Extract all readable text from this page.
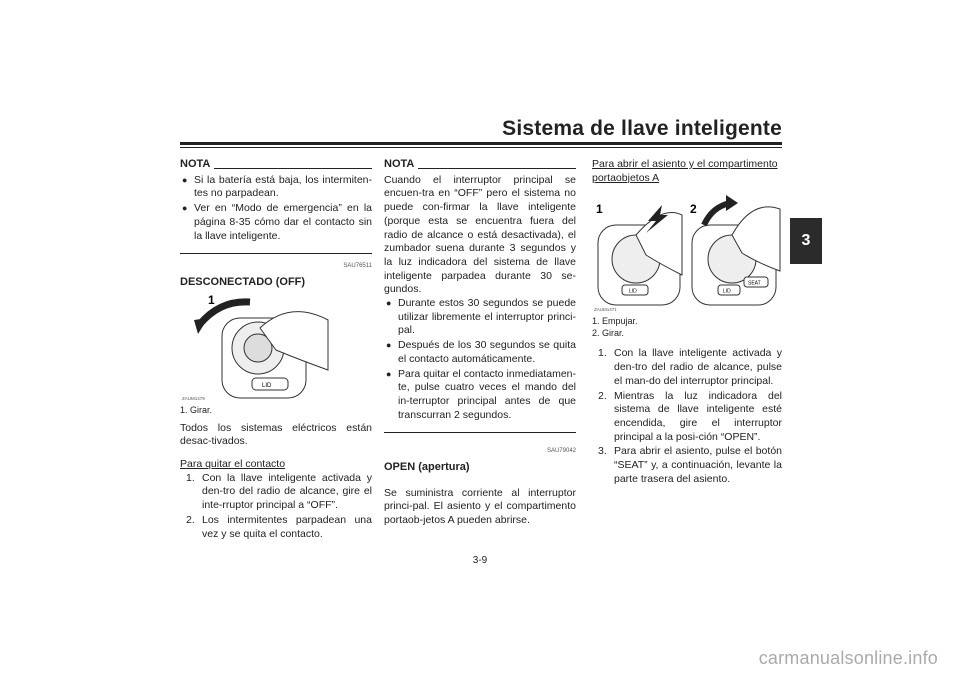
Sistema de llave inteligente
3
NOTA
● Si la batería está baja, los intermiten-tes no parpadean.
● Ver en “Modo de emergencia” en la página 8-35 cómo dar el contacto sin la llave inteligente.
SAU76511
DESCONECTADO (OFF)
1
LID
ZAUM1479
1. Girar.

Todos los sistemas eléctricos están desac-tivados.

Para quitar el contacto
1. Con la llave inteligente activada y den-tro del radio de alcance, gire el inte-rruptor principal a “OFF”.
2. Los intermitentes parpadean una vez y se quita el contacto.
NOTA

Cuando el interruptor principal se encuen-tra en “OFF” pero el sistema no puede con-firmar la llave inteligente (porque esta se encuentra fuera del radio de alcance o está desactivada), el zumbador suena durante 3 segundos y la luz indicadora del sistema de llave inteligente parpadea durante 30 se-gundos.

● Durante estos 30 segundos se puede utilizar libremente el interruptor princi-pal.
● Después de los 30 segundos se quita el contacto automáticamente.
● Para quitar el contacto inmediatamen-te, pulse cuatro veces el mando del in-terruptor principal antes de que transcurran 2 segundos.
SAU79042
OPEN (apertura)

Se suministra corriente al interruptor princi-pal. El asiento y el compartimento portaob-jetos A pueden abrirse.

Para abrir el asiento y el compartimento portaobjetos A
1	2
LID
ZAUM1471
LID
SEAT
1. Empujar.
2. Girar.
1. Con la llave inteligente activada y den-tro del radio de alcance, pulse el man-do del interruptor principal.
2. Mientras la luz indicadora del sistema de llave inteligente esté encendida, gire el interruptor principal a la posi-ción “OPEN”.
3. Para abrir el asiento, pulse el botón “SEAT” y, a continuación, levante la parte trasera del asiento.
3-9
carmanualsonline.info
